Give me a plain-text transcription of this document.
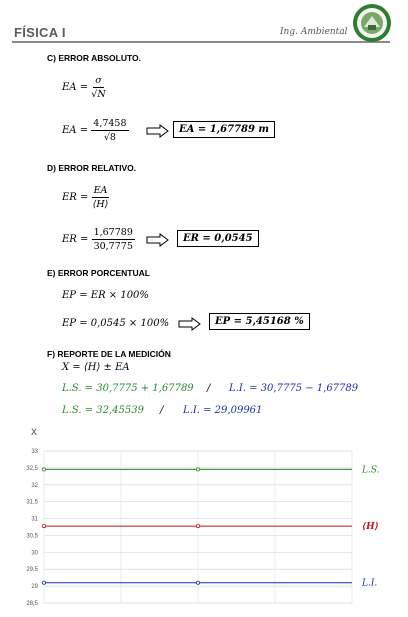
FÍSICA I	Ing. Ambiental
C) ERROR ABSOLUTO.
EA = $\frac{\sigma}{√N}$
EA = $\frac{4,7458}{√8}$	EA = 1,67789 m
D) ERROR RELATIVO.
ER = $\frac{EA}{⟨H⟩}$
ER = $\frac{1,67789}{30,7775}$	ER = 0,0545
E) ERROR PORCENTUAL
EP = ER × 100%
EP = 0,0545 × 100%	EP = 5,45168 %
F) REPORTE DE LA MEDICIÓN
X = ⟨H⟩ ± EA
L.S. = 30,7775 + 1,67789 / L.I. = 30,7775 − 1,67789
L.S. = 32,45539 / L.I. = 29,09961
X
33
32,5
32
31,5
31
30,5
30
29,5
29
28,5
L.S.
⟨H⟩
L.I.
